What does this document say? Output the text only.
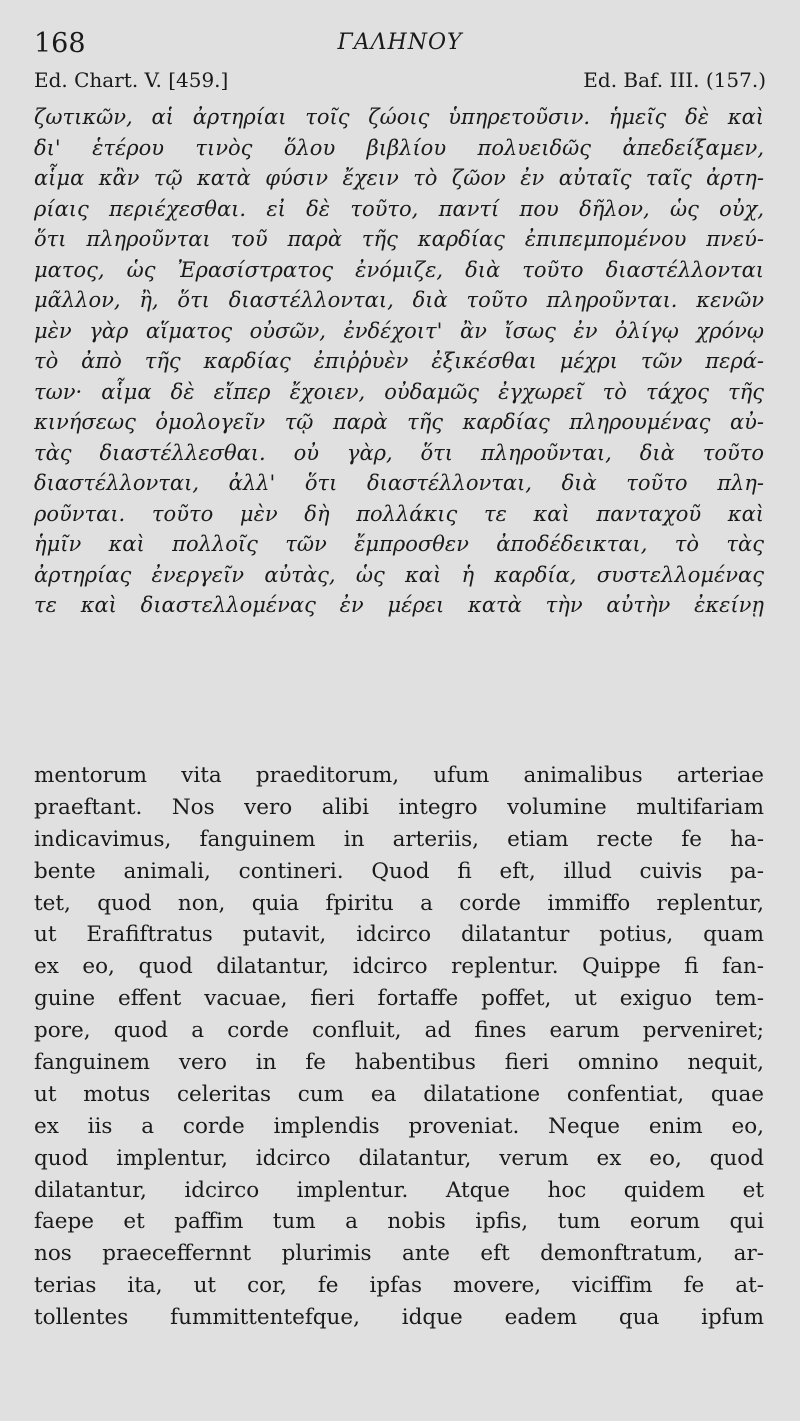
168	ΓΑΛΗΝΟΥ
Ed. Chart. V. [459.]	Ed. Baf. III. (157.)
ζωτικῶν, αἱ ἀρτηρίαι τοῖς ζώοις ὑπηρετοῦσιν. ἡμεῖς δὲ καὶ
δι' ἑτέρου τινὸς ὅλου βιβλίου πολυειδῶς ἀπεδείξαμεν,
αἷμα κἂν τῷ κατὰ φύσιν ἔχειν τὸ ζῶον ἐν αὐταῖς ταῖς ἀρτη-
ρίαις περιέχεσθαι. εἰ δὲ τοῦτο, παντί που δῆλον, ὡς οὐχ,
ὅτι πληροῦνται τοῦ παρὰ τῆς καρδίας ἐπιπεμπομένου πνεύ-
ματος, ὡς Ἐρασίστρατος ἐνόμιζε, διὰ τοῦτο διαστέλλονται
μᾶλλον, ἢ, ὅτι διαστέλλονται, διὰ τοῦτο πληροῦνται. κενῶν
μὲν γὰρ αἵματος οὐσῶν, ἐνδέχοιτ' ἂν ἴσως ἐν ὀλίγῳ χρόνῳ
τὸ ἀπὸ τῆς καρδίας ἐπιῤῥυὲν ἐξικέσθαι μέχρι τῶν περά-
των· αἷμα δὲ εἴπερ ἔχοιεν, οὐδαμῶς ἐγχωρεῖ τὸ τάχος τῆς
κινήσεως ὁμολογεῖν τῷ παρὰ τῆς καρδίας πληρουμένας αὐ-
τὰς διαστέλλεσθαι. οὐ γὰρ, ὅτι πληροῦνται, διὰ τοῦτο
διαστέλλονται, ἀλλ' ὅτι διαστέλλονται, διὰ τοῦτο πλη-
ροῦνται. τοῦτο μὲν δὴ πολλάκις τε καὶ πανταχοῦ καὶ
ἡμῖν καὶ πολλοῖς τῶν ἔμπροσθεν ἀποδέδεικται, τὸ τὰς
ἀρτηρίας ἐνεργεῖν αὐτὰς, ὡς καὶ ἡ καρδία, συστελλομένας
τε καὶ διαστελλομένας ἐν μέρει κατὰ τὴν αὐτὴν ἐκείνῃ
mentorum vita praeditorum, ufum animalibus arteriae
praeftant. Nos vero alibi integro volumine multifariam
indicavimus, fanguinem in arteriis, etiam recte fe ha-
bente animali, contineri. Quod fi eft, illud cuivis pa-
tet, quod non, quia fpiritu a corde immiffo replentur,
ut Erafiftratus putavit, idcirco dilatantur potius, quam
ex eo, quod dilatantur, idcirco replentur. Quippe fi fan-
guine effent vacuae, fieri fortaffe poffet, ut exiguo tem-
pore, quod a corde confluit, ad fines earum perveniret;
fanguinem vero in fe habentibus fieri omnino nequit,
ut motus celeritas cum ea dilatatione confentiat, quae
ex iis a corde implendis proveniat. Neque enim eo,
quod implentur, idcirco dilatantur, verum ex eo, quod
dilatantur, idcirco implentur. Atque hoc quidem et
faepe et paffim tum a nobis ipfis, tum eorum qui
nos praeceffernnt plurimis ante eft demonftratum, ar-
terias ita, ut cor, fe ipfas movere, viciffim fe at-
tollentes fummittentefque, idque eadem qua ipfum
